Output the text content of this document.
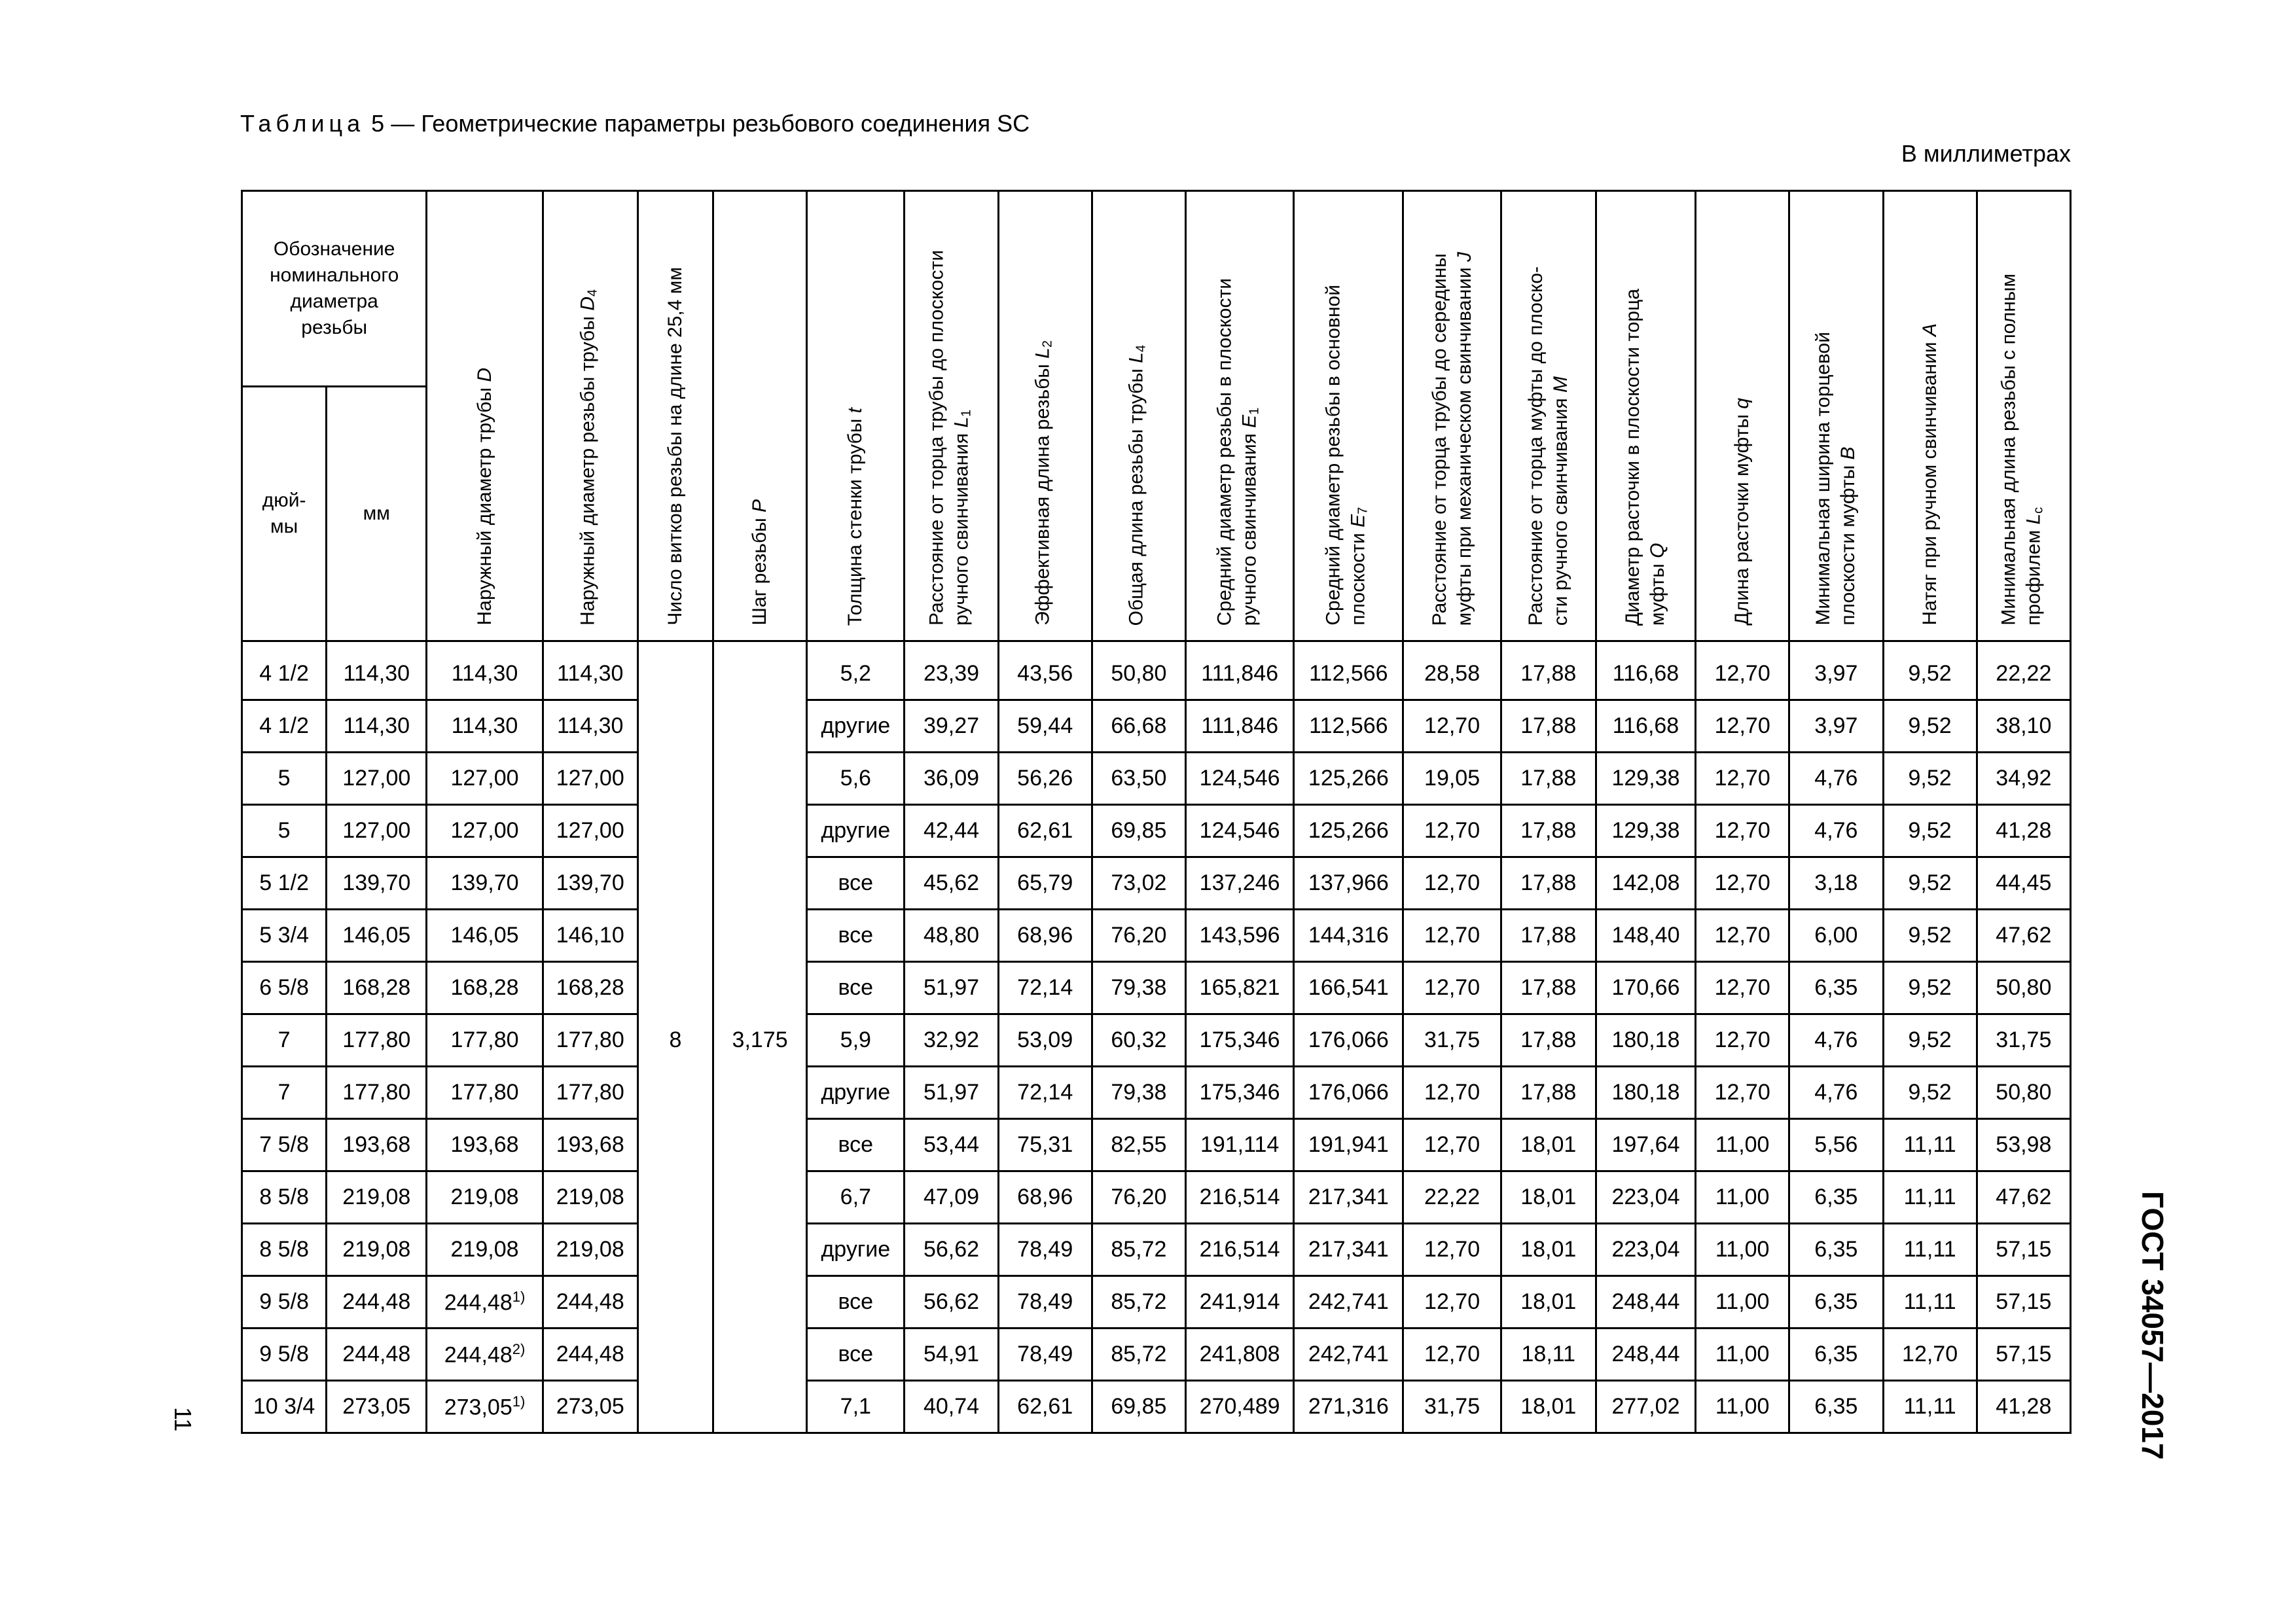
Таблица 5 — Геометрические параметры резьбового соединения SC
В миллиметрах
Обозначение номинального диаметра резьбы		Наружный диаметр трубы D	Наружный диаметр резьбы трубы $D_4$	Число витков резьбы на длине 25,4 мм	Шаг резьбы P	Толщина стенки трубы t	Расстояние от торца трубы до плоскости ручного свинчивания $L_1$	Эффективная длина резьбы $L_2$	Общая длина резьбы трубы $L_4$	Средний диаметр резьбы в плоскости ручного свинчивания $E_1$	Средний диаметр резьбы в основной плоскости $E_7$	Расстояние от торца трубы до середины муфты при механическом свинчивании J	Расстояние от торца муфты до плоско- сти ручного свинчивания M	Диаметр расточки в плоскости торца муфты Q	Длина расточки муфты q	Минимальная ширина торцевой плоскости муфты B	Натяг при ручном свинчивании A	Минимальная длина резьбы с полным профилем $L_c$

дюй-мы	мм																	

4 1/2	114,30	114,30	114,30	8	3,175	5,2	23,39	43,56	50,80	111,846	112,566	28,58	17,88	116,68	12,70	3,97	9,52	22,22
4 1/2	114,30	114,30	114,30			другие	39,27	59,44	66,68	111,846	112,566	12,70	17,88	116,68	12,70	3,97	9,52	38,10
5	127,00	127,00	127,00			5,6	36,09	56,26	63,50	124,546	125,266	19,05	17,88	129,38	12,70	4,76	9,52	34,92
5	127,00	127,00	127,00			другие	42,44	62,61	69,85	124,546	125,266	12,70	17,88	129,38	12,70	4,76	9,52	41,28
5 1/2	139,70	139,70	139,70			все	45,62	65,79	73,02	137,246	137,966	12,70	17,88	142,08	12,70	3,18	9,52	44,45
5 3/4	146,05	146,05	146,10			все	48,80	68,96	76,20	143,596	144,316	12,70	17,88	148,40	12,70	6,00	9,52	47,62
6 5/8	168,28	168,28	168,28			все	51,97	72,14	79,38	165,821	166,541	12,70	17,88	170,66	12,70	6,35	9,52	50,80
7	177,80	177,80	177,80			5,9	32,92	53,09	60,32	175,346	176,066	31,75	17,88	180,18	12,70	4,76	9,52	31,75
7	177,80	177,80	177,80			другие	51,97	72,14	79,38	175,346	176,066	12,70	17,88	180,18	12,70	4,76	9,52	50,80
7 5/8	193,68	193,68	193,68			все	53,44	75,31	82,55	191,114	191,941	12,70	18,01	197,64	11,00	5,56	11,11	53,98
8 5/8	219,08	219,08	219,08			6,7	47,09	68,96	76,20	216,514	217,341	22,22	18,01	223,04	11,00	6,35	11,11	47,62
8 5/8	219,08	219,08	219,08			другие	56,62	78,49	85,72	216,514	217,341	12,70	18,01	223,04	11,00	6,35	11,11	57,15
9 5/8	244,48	244,48$^{1)}$	244,48			все	56,62	78,49	85,72	241,914	242,741	12,70	18,01	248,44	11,00	6,35	11,11	57,15
9 5/8	244,48	244,48$^{2)}$	244,48			все	54,91	78,49	85,72	241,808	242,741	12,70	18,11	248,44	11,00	6,35	12,70	57,15
10 3/4	273,05	273,05$^{1)}$	273,05			7,1	40,74	62,61	69,85	270,489	271,316	31,75	18,01	277,02	11,00	6,35	11,11	41,28
11	ГОСТ 34057—2017
